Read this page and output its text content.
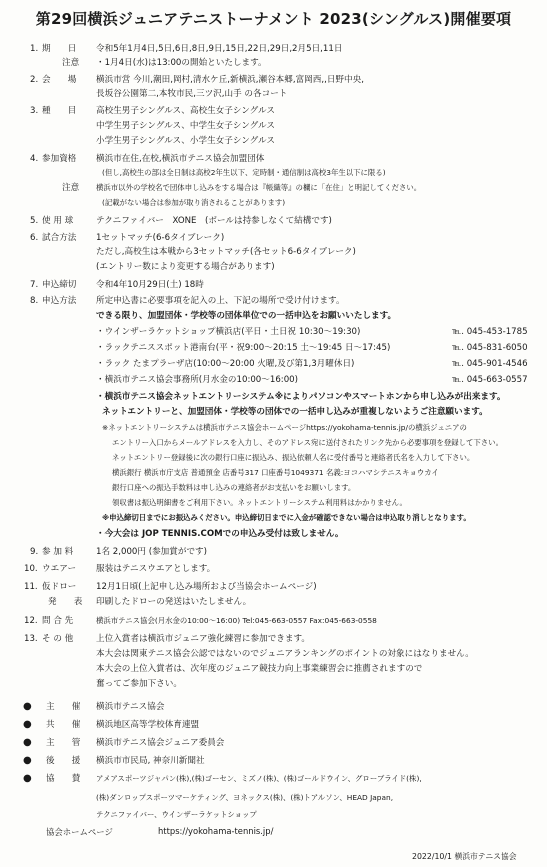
第29回横浜ジュニアテニストーナメント 2023(シングルス)開催要項
1. 期　　日	令和5年1月4日,5日,6日,8日,9日,15日,22日,29日,2月5日,11日
注意	・1月4日(水)は13:00の開始といたします。
2. 会　　場	横浜市営 今川,潮田,岡村,清水ケ丘,新横浜,瀬谷本郷,富岡西,,日野中央,
長坂谷公園第二,本牧市民,三ツ沢,山手 の各コート
3. 種　　目	高校生男子シングルス、高校生女子シングルス
中学生男子シングルス、中学生女子シングルス
小学生男子シングルス、小学生女子シングルス
4. 参加資格	横浜市在住,在校,横浜市テニス協会加盟団体
(但し,高校生の部は全日制は高校2年生以下、定時制・通信制は高校3年生以下に限る)
注意	横浜市以外の学校名で団体申し込みをする場合は『帳織等』の欄に「在住」と明記してください。
(記載がない場合は参加が取り消されることがあります)
5. 使 用 球	テクニファイバー　XONE　(ボールは持参しなくて結構です)
6. 試合方法	1セットマッチ(6-6タイブレーク)
ただし,高校生は本戦から3セットマッチ(各セット6-6タイブレーク)
(エントリー数により変更する場合があります)
7. 申込締切	令和4年10月29日(土) 18時
8. 申込方法	所定申込書に必要事項を記入の上、下記の場所で受け付けます。
できる限り、加盟団体・学校等の団体単位での一括申込をお願いいたします。
・ウインザーラケットショップ横浜店(平日・土日祝 10:30〜19:30)	℡. 045-453-1785
・ラックテニススポット港南台(平・祝9:00〜20:15 土〜19:45 日〜17:45)	℡. 045-831-6050
・ラック たまプラーザ店(10:00〜20:00 火曜,及び第1,3月曜休日)	℡. 045-901-4546
・横浜市テニス協会事務所(月水金の10:00〜16:00)	℡. 045-663-0557
・横浜市テニス協会ネットエントリーシステム※によりパソコンやスマートホンから申し込みが出来ます。
ネットエントリーと、加盟団体・学校等の団体での一括申し込みが重複しないようご注意願います。
※ネットエントリーシステムは横浜市テニス協会ホームページhttps://yokohama-tennis.jp/の横浜ジュニアの
エントリー入口からメールアドレスを入力し、そのアドレス宛に送付されたリンク先から必要事項を登録して下さい。
ネットエントリー登録後に次の銀行口座に振込み、振込依頼人名に受付番号と連絡者氏名を入力して下さい。
横浜銀行 横浜市庁支店 普通預金 店番号317 口座番号1049371 名義:ヨコハマシテニスキョウカイ
銀行口座への振込手数料は申し込みの連絡者がお支払いをお願いします。
領収書は振込明細書をご利用下さい。ネットエントリーシステム利用料はかかりません。
※申込締切日までにお振込みください。申込締切日までに入金が確認できない場合は申込取り消しとなります。
・今大会は JOP TENNIS.COMでの申込み受付は致しません。
9. 参 加 料	1名 2,000円 (参加賞がです)
10. ウエアー	服装はテニスウエアとします。
11. 仮ドロー	12月1日頃(上記申し込み場所および当協会ホームページ)
発　　表	印刷したドローの発送はいたしません。
12. 問 合 先	横浜市テニス協会(月水金の10:00〜16:00) Tel:045-663-0557 Fax:045-663-0558
13. そ の 他	上位入賞者は横浜市ジュニア強化練習に参加できます。
本大会は関東テニス協会公認ではないのでジュニアランキングのポイントの対象にはなりません。
本大会の上位入賞者は、次年度のジュニア競技力向上事業練習会に推薦されますので
奮ってご参加下さい。
● 主　　催 横浜市テニス協会
● 共　　催 横浜地区高等学校体育連盟
● 主　　管 横浜市テニス協会ジュニア委員会
● 後　　援 横浜市市民局, 神奈川新聞社
● 協　　賛 アメアスポーツジャパン(株),(株)ゴーセン、ミズノ(株)、(株)ゴールドウイン、グローブライド(株),
(株)ダンロップスポーツマーケティング、ヨネックス(株)、(株)トアルソン、HEAD Japan,
テクニファイバー、ウインザーラケットショップ
協会ホームページ	https://yokohama-tennis.jp/
2022/10/1 横浜市テニス協会
